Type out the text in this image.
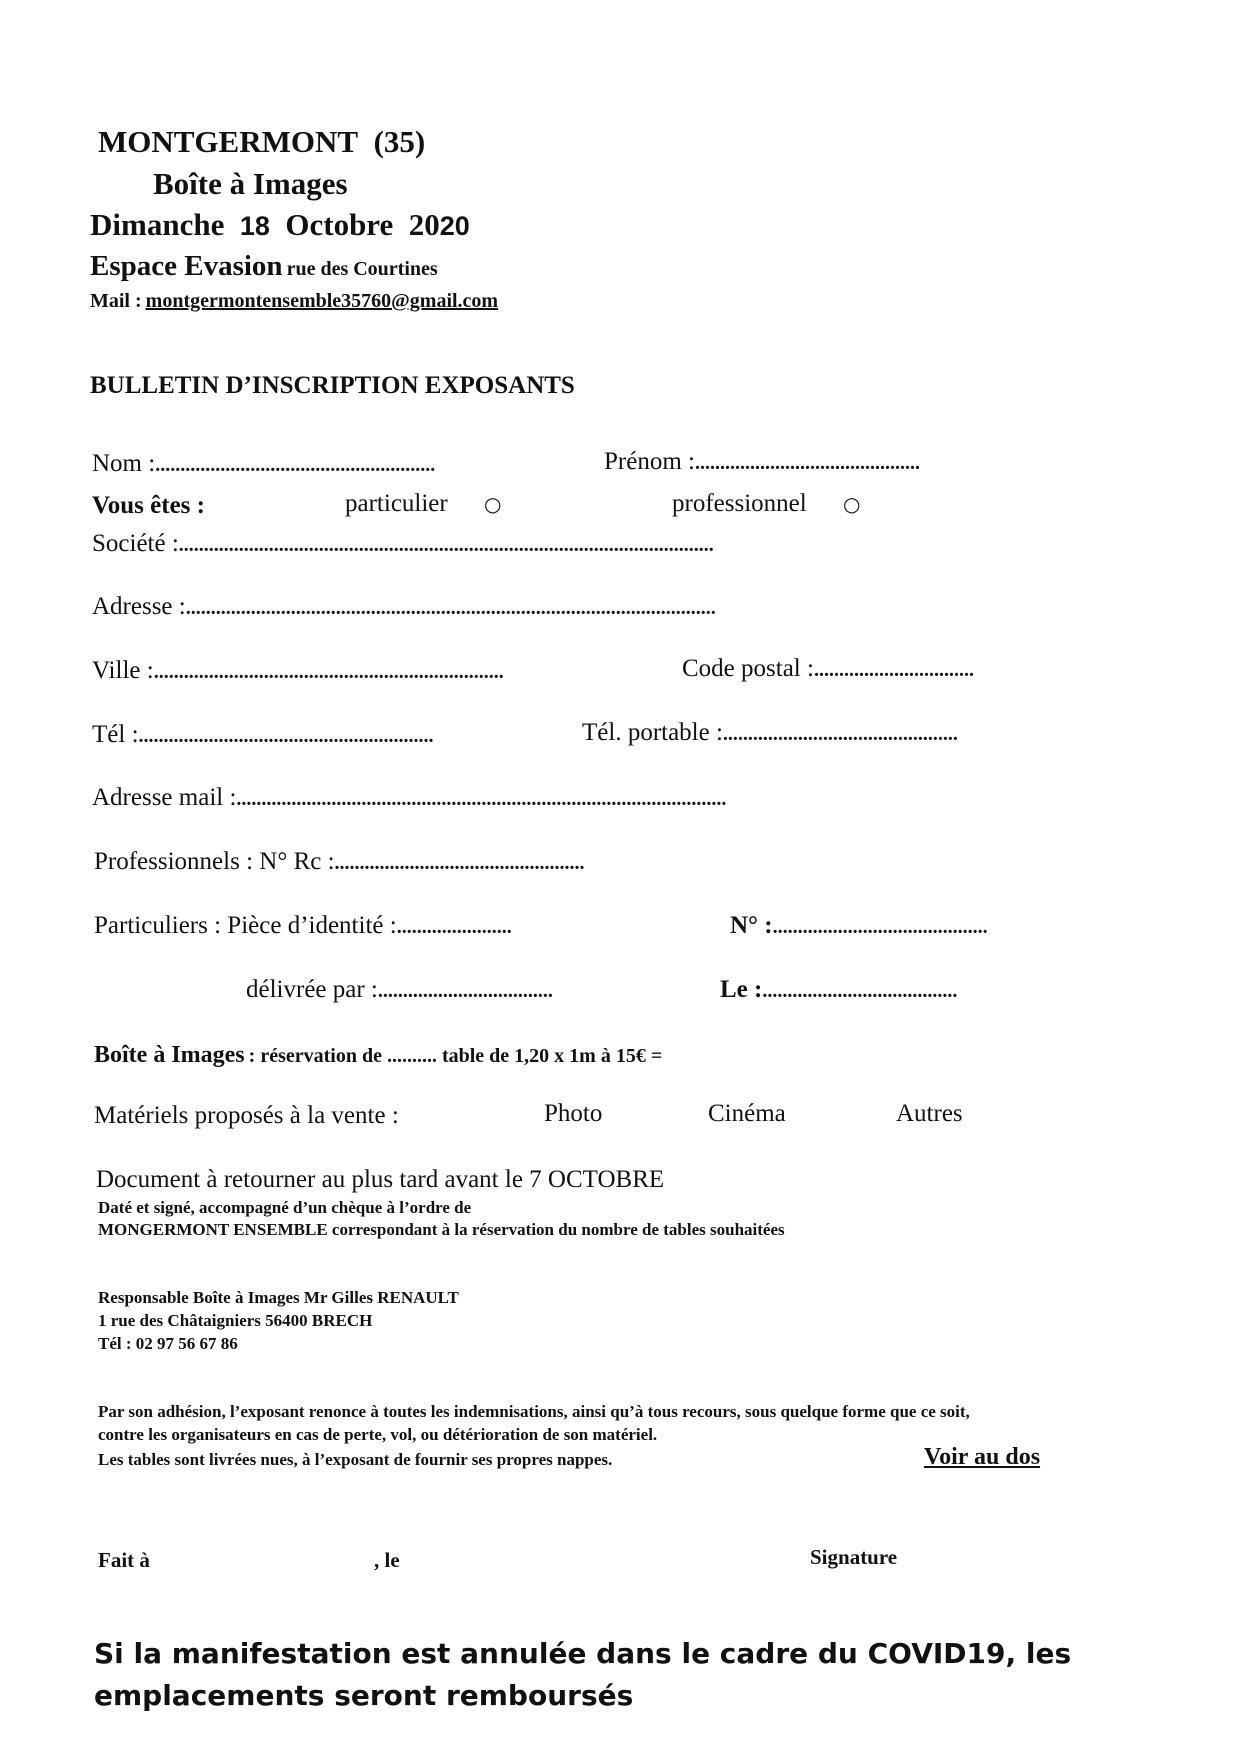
MONTGERMONT (35)
Boîte à Images
Dimanche 18 Octobre 2020
Espace Evasion rue des Courtines
Mail : montgermontensemble35760@gmail.com
BULLETIN D’INSCRIPTION EXPOSANTS
Nom :........................................................	Prénom :.............................................
Vous êtes :	particulier ○	professionnel ○
Société :...........................................................................................................
Adresse :..........................................................................................................
Ville :......................................................................	Code postal :................................
Tél :...........................................................	Tél. portable :...............................................
Adresse mail :..................................................................................................
Professionnels : N° Rc :..................................................
Particuliers : Pièce d’identité :.......................	N° :...........................................
délivrée par :...................................	Le :.......................................
Boîte à Images : réservation de .......... table de 1,20 x 1m à 15€ =
Matériels proposés à la vente :	Photo	Cinéma	Autres
Document à retourner au plus tard avant le 7 OCTOBRE
Daté et signé, accompagné d’un chèque à l’ordre de
MONGERMONT ENSEMBLE correspondant à la réservation du nombre de tables souhaitées
Responsable Boîte à Images Mr Gilles RENAULT
1 rue des Châtaigniers 56400 BRECH
Tél : 02 97 56 67 86
Par son adhésion, l’exposant renonce à toutes les indemnisations, ainsi qu’à tous recours, sous quelque forme que ce soit,
contre les organisateurs en cas de perte, vol, ou détérioration de son matériel.
Les tables sont livrées nues, à l’exposant de fournir ses propres nappes.	Voir au dos
Fait à	, le	Signature
Si la manifestation est annulée dans le cadre du COVID19, les
emplacements seront remboursés
